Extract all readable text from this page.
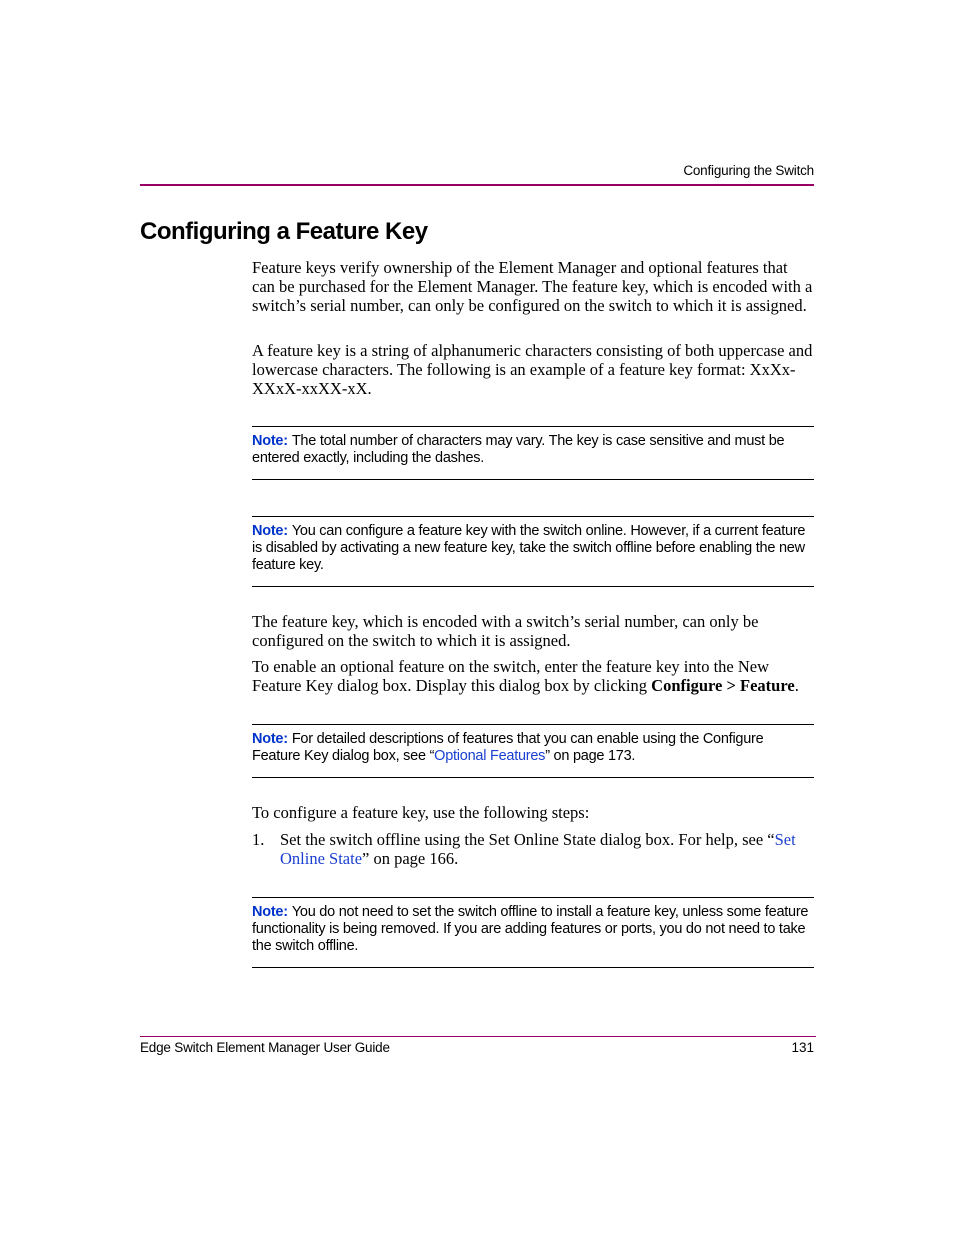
Configuring the Switch
Configuring a Feature Key

Feature keys verify ownership of the Element Manager and optional features that can be purchased for the Element Manager. The feature key, which is encoded with a switch’s serial number, can only be configured on the switch to which it is assigned.

A feature key is a string of alphanumeric characters consisting of both uppercase and lowercase characters. The following is an example of a feature key format: XxXx-XXxX-xxXX-xX.

Note: The total number of characters may vary. The key is case sensitive and must be entered exactly, including the dashes.

Note: You can configure a feature key with the switch online. However, if a current feature is disabled by activating a new feature key, take the switch offline before enabling the new feature key.

The feature key, which is encoded with a switch’s serial number, can only be configured on the switch to which it is assigned.

To enable an optional feature on the switch, enter the feature key into the New Feature Key dialog box. Display this dialog box by clicking Configure > Feature.

Note: For detailed descriptions of features that you can enable using the Configure Feature Key dialog box, see “Optional Features” on page 173.

To configure a feature key, use the following steps:

1. Set the switch offline using the Set Online State dialog box. For help, see “Set Online State” on page 166.

Note: You do not need to set the switch offline to install a feature key, unless some feature functionality is being removed. If you are adding features or ports, you do not need to take the switch offline.

Edge Switch Element Manager User Guide	131
